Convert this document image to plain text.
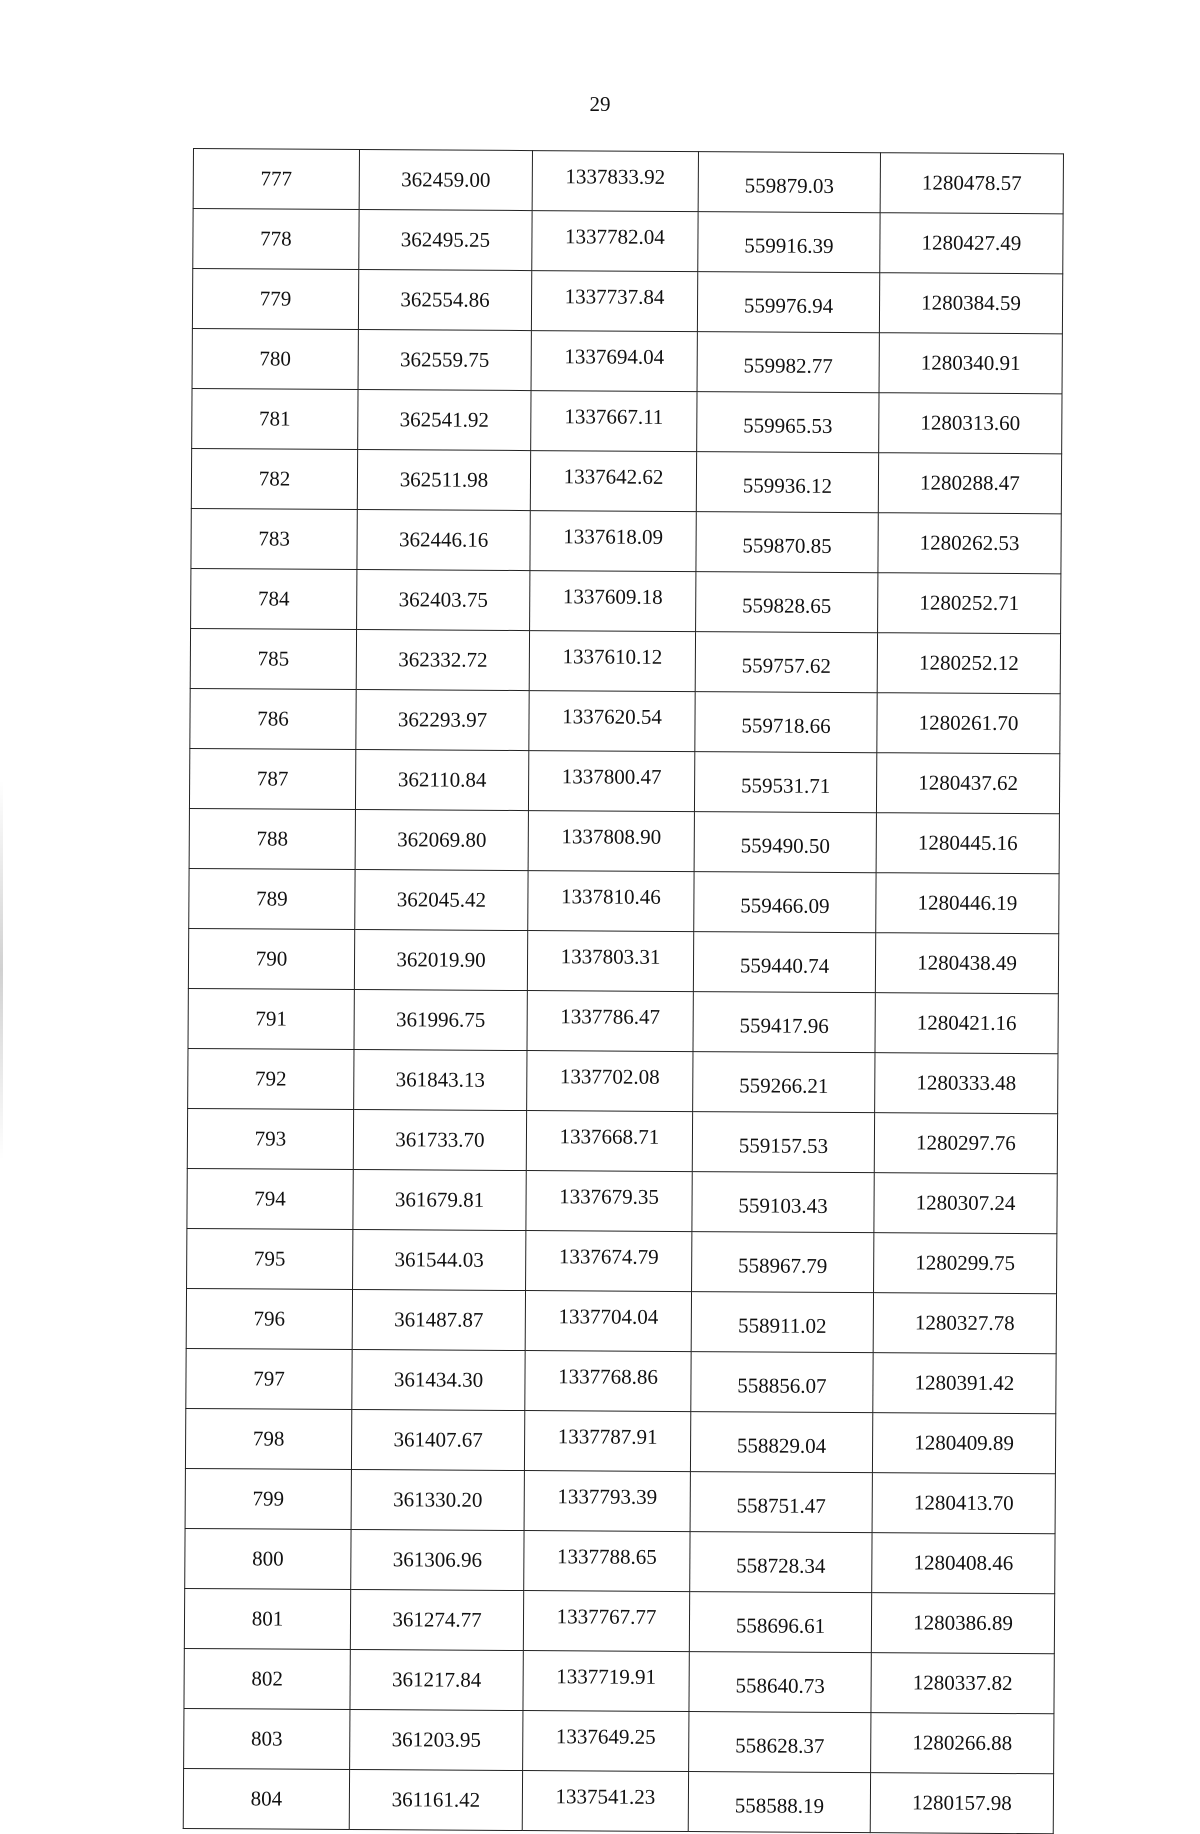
29
777	362459.00	1337833.92	559879.03	1280478.57
778	362495.25	1337782.04	559916.39	1280427.49
779	362554.86	1337737.84	559976.94	1280384.59
780	362559.75	1337694.04	559982.77	1280340.91
781	362541.92	1337667.11	559965.53	1280313.60
782	362511.98	1337642.62	559936.12	1280288.47
783	362446.16	1337618.09	559870.85	1280262.53
784	362403.75	1337609.18	559828.65	1280252.71
785	362332.72	1337610.12	559757.62	1280252.12
786	362293.97	1337620.54	559718.66	1280261.70
787	362110.84	1337800.47	559531.71	1280437.62
788	362069.80	1337808.90	559490.50	1280445.16
789	362045.42	1337810.46	559466.09	1280446.19
790	362019.90	1337803.31	559440.74	1280438.49
791	361996.75	1337786.47	559417.96	1280421.16
792	361843.13	1337702.08	559266.21	1280333.48
793	361733.70	1337668.71	559157.53	1280297.76
794	361679.81	1337679.35	559103.43	1280307.24
795	361544.03	1337674.79	558967.79	1280299.75
796	361487.87	1337704.04	558911.02	1280327.78
797	361434.30	1337768.86	558856.07	1280391.42
798	361407.67	1337787.91	558829.04	1280409.89
799	361330.20	1337793.39	558751.47	1280413.70
800	361306.96	1337788.65	558728.34	1280408.46
801	361274.77	1337767.77	558696.61	1280386.89
802	361217.84	1337719.91	558640.73	1280337.82
803	361203.95	1337649.25	558628.37	1280266.88
804	361161.42	1337541.23	558588.19	1280157.98
